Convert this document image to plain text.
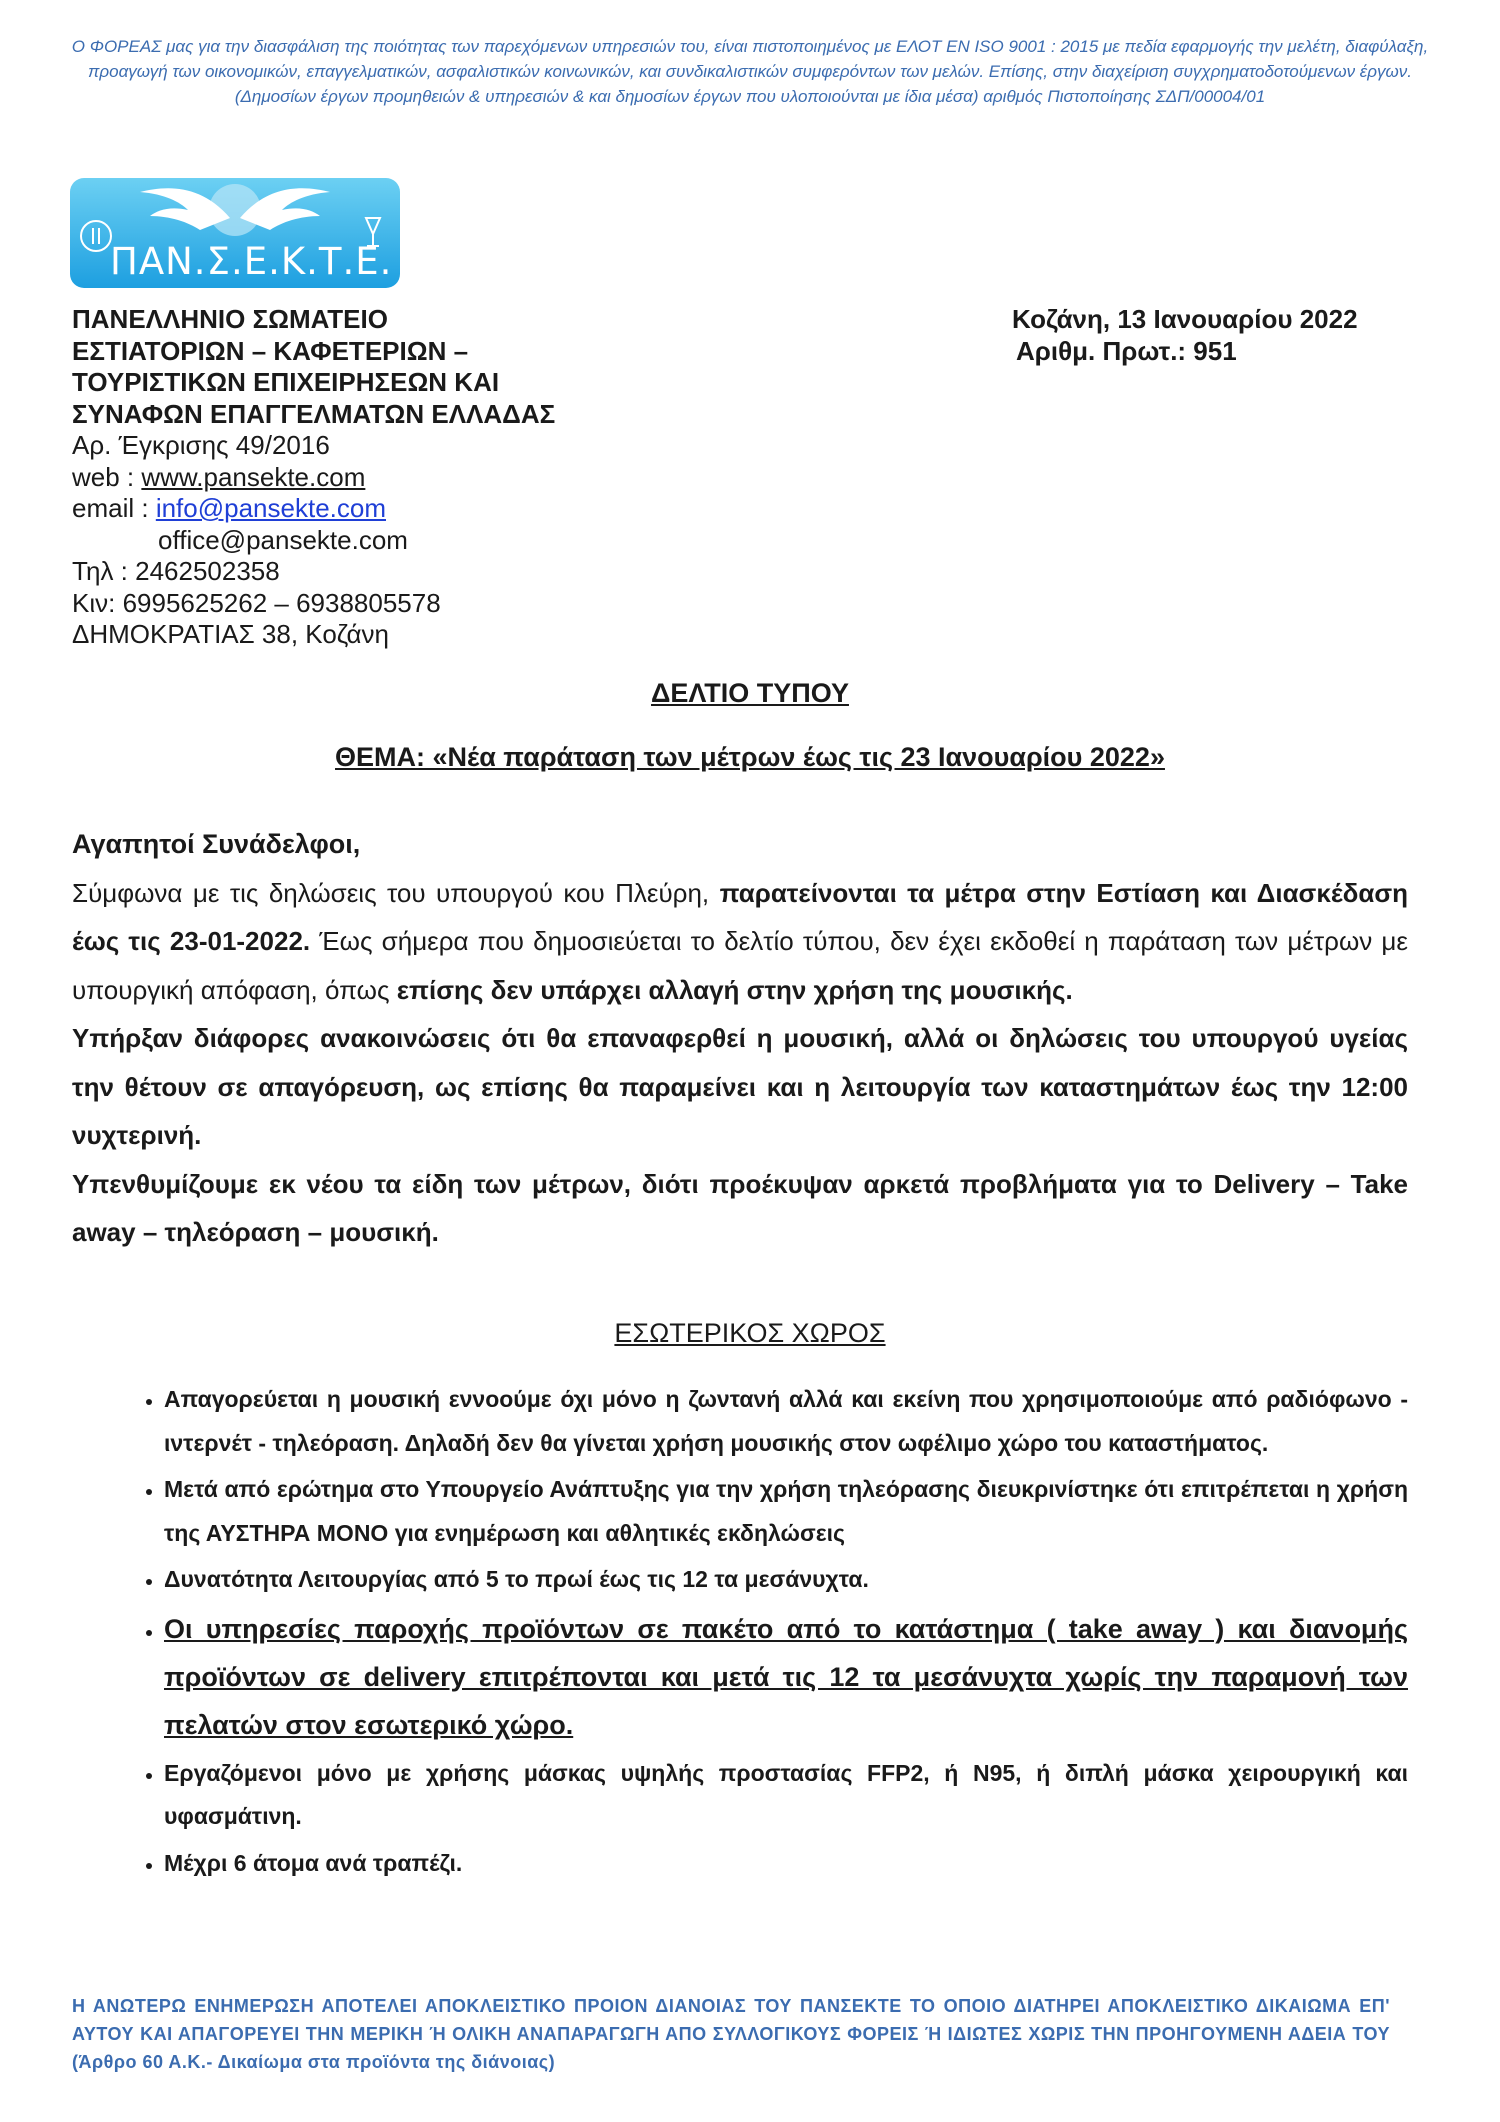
Ο ΦΟΡΕΑΣ μας για την διασφάλιση της ποιότητας των παρεχόμενων υπηρεσιών του, είναι πιστοποιημένος με ΕΛΟΤ EN ISO 9001 : 2015 με πεδία εφαρμογής την μελέτη, διαφύλαξη, προαγωγή των οικονομικών, επαγγελματικών, ασφαλιστικών κοινωνικών, και συνδικαλιστικών συμφερόντων των μελών. Επίσης, στην διαχείριση συγχρηματοδοτούμενων έργων. (Δημοσίων έργων προμηθειών & υπηρεσιών & και δημοσίων έργων που υλοποιούνται με ίδια μέσα) αριθμός Πιστοποίησης ΣΔΠ/00004/01
ΠΑΝ.Σ.Ε.Κ.Τ.Ε.
ΠΑΝΕΛΛΗΝΙΟ ΣΩΜΑΤΕΙΟ
ΕΣΤΙΑΤΟΡΙΩΝ – ΚΑΦΕΤΕΡΙΩΝ –
ΤΟΥΡΙΣΤΙΚΩΝ ΕΠΙΧΕΙΡΗΣΕΩΝ ΚΑΙ
ΣΥΝΑΦΩΝ ΕΠΑΓΓΕΛΜΑΤΩΝ ΕΛΛΑΔΑΣ
Αρ. Έγκρισης 49/2016
web : www.pansekte.com
email : info@pansekte.com
office@pansekte.com
Τηλ : 2462502358
Κιν: 6995625262 – 6938805578
ΔΗΜΟΚΡΑΤΙΑΣ 38, Κοζάνη
Κοζάνη, 13 Ιανουαρίου 2022
Αριθμ. Πρωτ.: 951
ΔΕΛΤΙΟ ΤΥΠΟΥ
ΘΕΜΑ: «Νέα παράταση των μέτρων έως τις 23 Ιανουαρίου 2022»

Αγαπητοί Συνάδελφοι,

Σύμφωνα με τις δηλώσεις του υπουργού κου Πλεύρη, παρατείνονται τα μέτρα στην Εστίαση και Διασκέδαση έως τις 23-01-2022. Έως σήμερα που δημοσιεύεται το δελτίο τύπου, δεν έχει εκδοθεί η παράταση των μέτρων με υπουργική απόφαση, όπως επίσης δεν υπάρχει αλλαγή στην χρήση της μουσικής.

Υπήρξαν διάφορες ανακοινώσεις ότι θα επαναφερθεί η μουσική, αλλά οι δηλώσεις του υπουργού υγείας την θέτουν σε απαγόρευση, ως επίσης θα παραμείνει και η λειτουργία των καταστημάτων έως την 12:00 νυχτερινή.

Υπενθυμίζουμε εκ νέου τα είδη των μέτρων, διότι προέκυψαν αρκετά προβλήματα για το Delivery – Take away – τηλεόραση – μουσική.

ΕΣΩΤΕΡΙΚΟΣ ΧΩΡΟΣ
• Απαγορεύεται η μουσική εννοούμε όχι μόνο η ζωντανή αλλά και εκείνη που χρησιμοποιούμε από ραδιόφωνο - ιντερνέτ - τηλεόραση. Δηλαδή δεν θα γίνεται χρήση μουσικής στον ωφέλιμο χώρο του καταστήματος.
• Μετά από ερώτημα στο Υπουργείο Ανάπτυξης για την χρήση τηλεόρασης διευκρινίστηκε ότι επιτρέπεται η χρήση της ΑΥΣΤΗΡΑ ΜΟΝΟ για ενημέρωση και αθλητικές εκδηλώσεις
• Δυνατότητα Λειτουργίας από 5 το πρωί έως τις 12 τα μεσάνυχτα.
• Οι υπηρεσίες παροχής προϊόντων σε πακέτο από το κατάστημα ( take away ) και διανομής προϊόντων σε delivery επιτρέπονται και μετά τις 12 τα μεσάνυχτα χωρίς την παραμονή των πελατών στον εσωτερικό χώρο.
• Εργαζόμενοι μόνο με χρήσης μάσκας υψηλής προστασίας FFP2, ή Ν95, ή διπλή μάσκα χειρουργική και υφασμάτινη.
• Μέχρι 6 άτομα ανά τραπέζι.
Η ΑΝΩΤΕΡΩ ΕΝΗΜΕΡΩΣΗ ΑΠΟΤΕΛΕΙ ΑΠΟΚΛΕΙΣΤΙΚΟ ΠΡΟΙΟΝ ΔΙΑΝΟΙΑΣ ΤΟΥ ΠΑΝΣΕΚΤΕ ΤΟ ΟΠΟΙΟ ΔΙΑΤΗΡΕΙ ΑΠΟΚΛΕΙΣΤΙΚΟ ΔΙΚΑΙΩΜΑ ΕΠ' ΑΥΤΟΥ ΚΑΙ ΑΠΑΓΟΡΕΥΕΙ ΤΗΝ ΜΕΡΙΚΗ Ή ΟΛΙΚΗ ΑΝΑΠΑΡΑΓΩΓΗ ΑΠΟ ΣΥΛΛΟΓΙΚΟΥΣ ΦΟΡΕΙΣ Ή ΙΔΙΩΤΕΣ ΧΩΡΙΣ ΤΗΝ ΠΡΟΗΓΟΥΜΕΝΗ ΑΔΕΙΑ ΤΟΥ (Άρθρο 60 Α.Κ.- Δικαίωμα στα προϊόντα της διάνοιας)
